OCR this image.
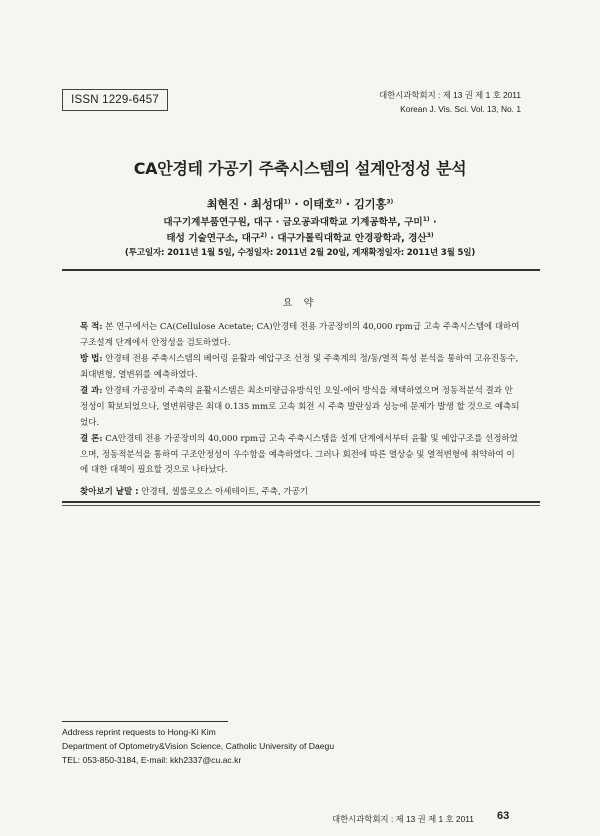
ISSN 1229-6457	대한시과학회지 : 제 13 권 제 1 호 2011
Korean J. Vis. Sci. Vol. 13, No. 1
CA안경테 가공기 주축시스템의 설계안정성 분석
최현진 · 최성대$^{1)}$ · 이태호$^{2)}$ · 김기홍$^{3)}$
대구기계부품연구원, 대구 · 금오공과대학교 기계공학부, 구미$^{1)}$ ·
태성 기술연구소, 대구$^{2)}$ · 대구가톨릭대학교 안경광학과, 경산$^{3)}$
(투고일자: 2011년 1월 5일, 수정일자: 2011년 2월 20일, 게재확정일자: 2011년 3월 5일)
요 약

목 적: 본 연구에서는 CA(Cellulose Acetate; CA)안경테 전용 가공장비의 40,000 rpm급 고속 주축시스템에 대하여 구조설계 단계에서 안정성을 검토하였다.

방 법: 안경테 전용 주축시스템의 베어링 윤활과 예압구조 선정 및 주축계의 정/동/열적 특성 분석을 통하여 고유진동수, 최대변형, 열변위를 예측하였다.

결 과: 안경테 가공장비 주축의 윤활시스템은 최소미량급유방식인 오일-에어 방식을 채택하였으며 정동적분석 결과 안정성이 확보되었으나, 열변위량은 최대 0.135 mm로 고속 회전 시 주축 발란싱과 성능에 문제가 발생 할 것으로 예측되었다.

결 론: CA안경테 전용 가공장비의 40,000 rpm급 고속 주축시스템을 설계 단계에서부터 윤활 및 예압구조를 선정하였으며, 정동적분석을 통하여 구조안정성이 우수함을 예측하였다. 그러나 회전에 따른 열상승 및 열적변형에 취약하여 이에 대한 대책이 필요할 것으로 나타났다.

찾아보기 낱말 : 안경테, 셀룰로오스 아세테이트, 주축, 가공기

Address reprint requests to Hong-Ki Kim
Department of Optometry&Vision Science, Catholic University of Daegu
TEL: 053-850-3184, E-mail: kkh2337@cu.ac.kr
대한시과학회지 : 제 13 권 제 1 호 2011 63
